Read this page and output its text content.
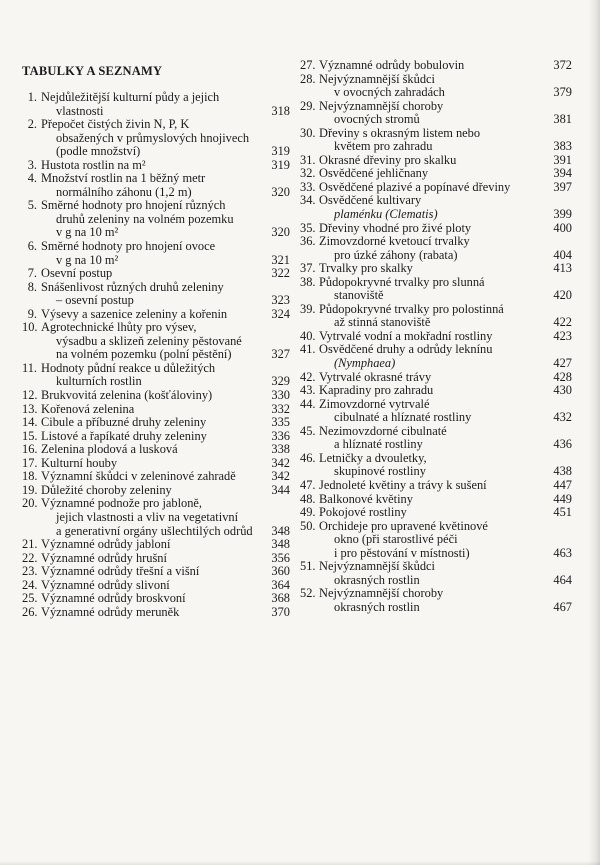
TABULKY A SEZNAMY
1. Nejdůležitější kulturní půdy a jejich
vlastnosti	318
2. Přepočet čistých živin N, P, K
obsažených v průmyslových hnojivech
(podle množství)	319
3. Hustota rostlin na m²	319
4. Množství rostlin na 1 běžný metr
normálního záhonu (1,2 m)	320
5. Směrné hodnoty pro hnojení různých
druhů zeleniny na volném pozemku
v g na 10 m²	320
6. Směrné hodnoty pro hnojení ovoce
v g na 10 m²	321
7. Osevní postup	322
8. Snášenlivost různých druhů zeleniny
– osevní postup	323
9. Výsevy a sazenice zeleniny a kořenin	324
10. Agrotechnické lhůty pro výsev,
výsadbu a sklizeň zeleniny pěstované
na volném pozemku (polní pěstění)	327
11. Hodnoty půdní reakce u důležitých
kulturních rostlin	329
12. Brukvovitá zelenina (košťáloviny)	330
13. Kořenová zelenina	332
14. Cibule a příbuzné druhy zeleniny	335
15. Listové a řapíkaté druhy zeleniny	336
16. Zelenina plodová a lusková	338
17. Kulturní houby	342
18. Významní škůdci v zeleninové zahradě	342
19. Důležité choroby zeleniny	344
20. Významné podnože pro jabloně,
jejich vlastnosti a vliv na vegetativní
a generativní orgány ušlechtilých odrůd	348
21. Významné odrůdy jabloní	348
22. Významné odrůdy hrušní	356
23. Významné odrůdy třešní a višní	360
24. Významné odrůdy slivoní	364
25. Významné odrůdy broskvoní	368
26. Významné odrůdy meruněk	370
27. Významné odrůdy bobulovin	372
28. Nejvýznamnější škůdci
v ovocných zahradách	379
29. Nejvýznamnější choroby
ovocných stromů	381
30. Dřeviny s okrasným listem nebo
květem pro zahradu	383
31. Okrasné dřeviny pro skalku	391
32. Osvědčené jehličnany	394
33. Osvědčené plazivé a popínavé dřeviny	397
34. Osvědčené kultivary
plaménku (Clematis)	399
35. Dřeviny vhodné pro živé ploty	400
36. Zimovzdorné kvetoucí trvalky
pro úzké záhony (rabata)	404
37. Trvalky pro skalky	413
38. Půdopokryvné trvalky pro slunná
stanoviště	420
39. Půdopokryvné trvalky pro polostinná
až stinná stanoviště	422
40. Vytrvalé vodní a mokřadní rostliny	423
41. Osvědčené druhy a odrůdy leknínu
(Nymphaea)	427
42. Vytrvalé okrasné trávy	428
43. Kapradiny pro zahradu	430
44. Zimovzdorné vytrvalé
cibulnaté a hlíznaté rostliny	432
45. Nezimovzdorné cibulnaté
a hlíznaté rostliny	436
46. Letničky a dvouletky,
skupinové rostliny	438
47. Jednoleté květiny a trávy k sušení	447
48. Balkonové květiny	449
49. Pokojové rostliny	451
50. Orchideje pro upravené květinové
okno (při starostlivé péči
i pro pěstování v místnosti)	463
51. Nejvýznamnější škůdci
okrasných rostlin	464
52. Nejvýznamnější choroby
okrasných rostlin	467
